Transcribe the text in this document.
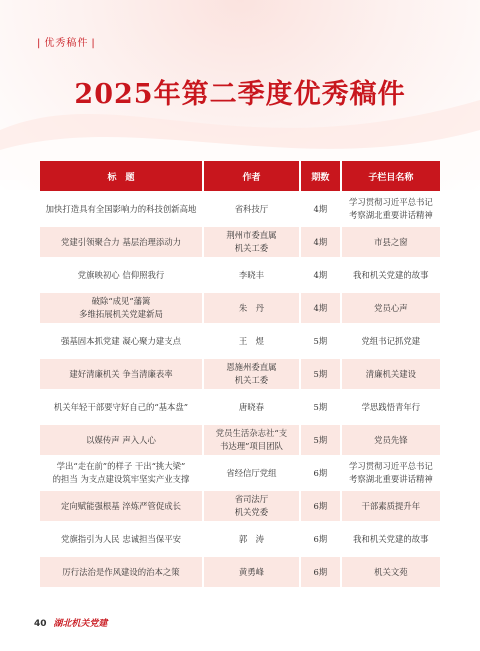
| 优秀稿件 |
2025年第二季度优秀稿件
标　题	作者	期数	子栏目名称
加快打造具有全国影响力的科技创新高地	省科技厅	4期	学习贯彻习近平总书记
考察湖北重要讲话精神
党建引领聚合力 基层治理添动力	荆州市委直属
机关工委	4期	市县之窗
党旗映初心 信仰照我行	李晓丰	4期	我和机关党建的故事
破除“成见”藩篱
多维拓展机关党建新局	朱　丹	4期	党员心声
强基固本抓党建 凝心聚力建支点	王　煜	5期	党组书记抓党建
建好清廉机关 争当清廉表率	恩施州委直属
机关工委	5期	清廉机关建设
机关年轻干部要守好自己的“基本盘”	唐晓春	5期	学思践悟青年行
以媒传声 声入人心	党员生活杂志社“支
书达理”项目团队	5期	党员先锋
学出“走在前”的样子 干出“挑大梁”
的担当 为支点建设筑牢坚实产业支撑	省经信厅党组	6期	学习贯彻习近平总书记
考察湖北重要讲话精神
定向赋能强根基 淬炼严管促成长	省司法厅
机关党委	6期	干部素质提升年
党旗指引为人民 忠诚担当保平安	郭　涛	6期	我和机关党建的故事
厉行法治是作风建设的治本之策	黄勇峰	6期	机关文苑
40 湖北机关党建
